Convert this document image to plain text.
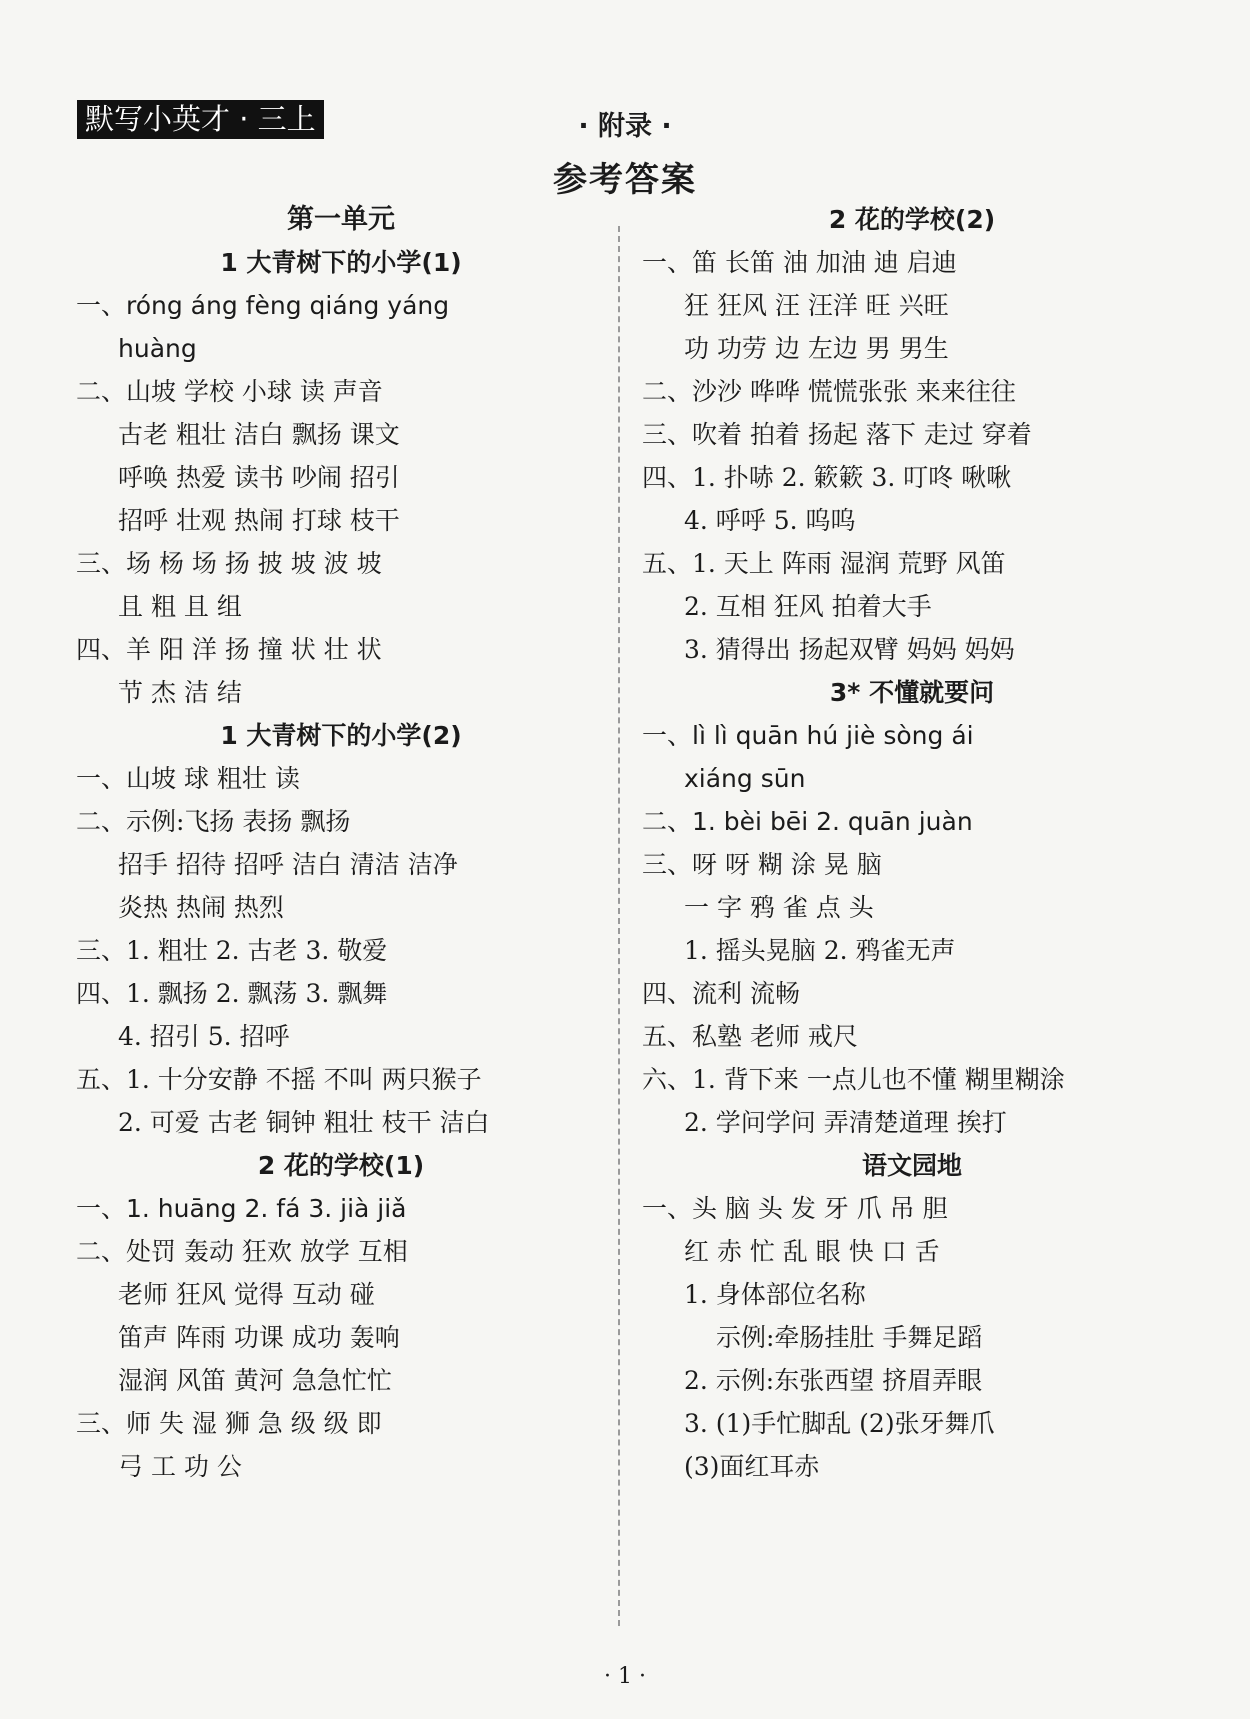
默写小英才 · 三上	· 附录 ·
参考答案
第一单元
1 大青树下的小学(1)
一、róng áng fèng qiáng yáng
huàng
二、山坡 学校 小球 读 声音
古老 粗壮 洁白 飘扬 课文
呼唤 热爱 读书 吵闹 招引
招呼 壮观 热闹 打球 枝干
三、场 杨 场 扬 披 坡 波 坡
且 粗 且 组
四、羊 阳 洋 扬 撞 状 壮 状
节 杰 洁 结
1 大青树下的小学(2)
一、山坡 球 粗壮 读
二、示例:飞扬 表扬 飘扬
招手 招待 招呼 洁白 清洁 洁净
炎热 热闹 热烈
三、1. 粗壮 2. 古老 3. 敬爱
四、1. 飘扬 2. 飘荡 3. 飘舞
4. 招引 5. 招呼
五、1. 十分安静 不摇 不叫 两只猴子
2. 可爱 古老 铜钟 粗壮 枝干 洁白
2 花的学校(1)
一、1. huāng 2. fá 3. jià jiǎ
二、处罚 轰动 狂欢 放学 互相
老师 狂风 觉得 互动 碰
笛声 阵雨 功课 成功 轰响
湿润 风笛 黄河 急急忙忙
三、师 失 湿 狮 急 级 级 即
弓 工 功 公
2 花的学校(2)
一、笛 长笛 油 加油 迪 启迪
狂 狂风 汪 汪洋 旺 兴旺
功 功劳 边 左边 男 男生
二、沙沙 哗哗 慌慌张张 来来往往
三、吹着 拍着 扬起 落下 走过 穿着
四、1. 扑哧 2. 簌簌 3. 叮咚 啾啾
4. 呼呼 5. 呜呜
五、1. 天上 阵雨 湿润 荒野 风笛
2. 互相 狂风 拍着大手
3. 猜得出 扬起双臂 妈妈 妈妈
3* 不懂就要问
一、lì lì quān hú jiè sòng ái
xiáng sūn
二、1. bèi bēi 2. quān juàn
三、呀 呀 糊 涂 晃 脑
一 字 鸦 雀 点 头
1. 摇头晃脑 2. 鸦雀无声
四、流利 流畅
五、私塾 老师 戒尺
六、1. 背下来 一点儿也不懂 糊里糊涂
2. 学问学问 弄清楚道理 挨打
语文园地
一、头 脑 头 发 牙 爪 吊 胆
红 赤 忙 乱 眼 快 口 舌
1. 身体部位名称
示例:牵肠挂肚 手舞足蹈
2. 示例:东张西望 挤眉弄眼
3. (1)手忙脚乱 (2)张牙舞爪
(3)面红耳赤
· 1 ·
